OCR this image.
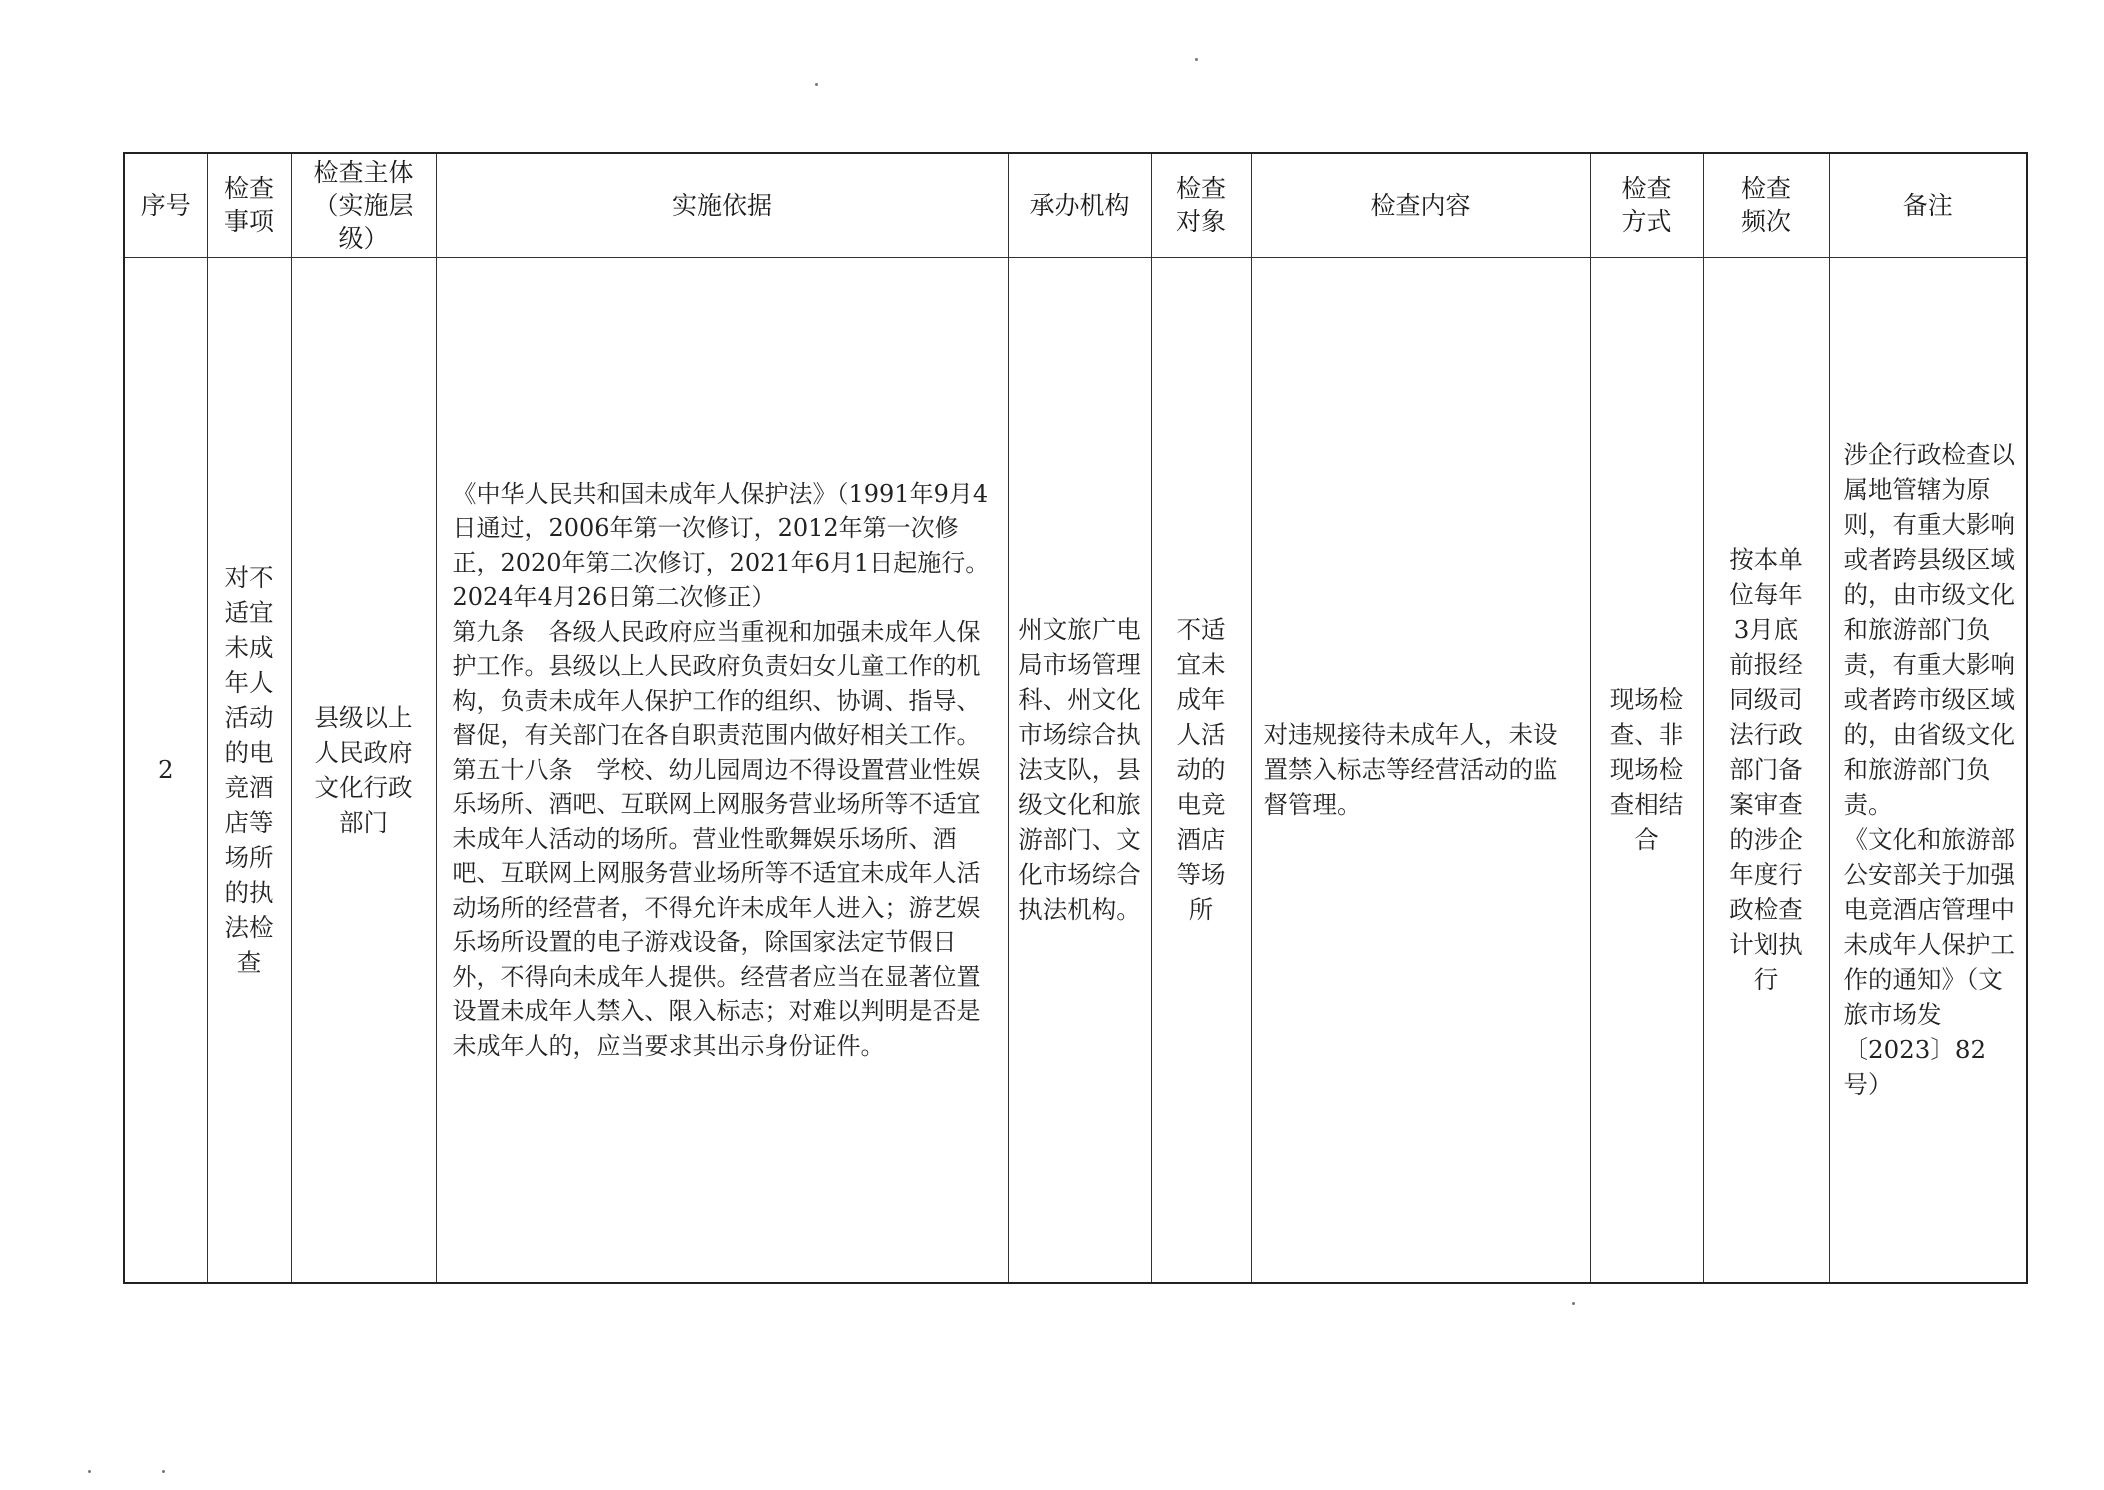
序号	检查事项	检查主体（实施层级）	实施依据	承办机构	检查对象	检查内容	检查方式	检查频次	备注
2	对不适宜未成年人活动的电竞酒店等场所的执法检查	县级以上人民政府文化行政部门	《中华人民共和国未成年人保护法》（1991年9月4日通过，2006年第一次修订，2012年第一次修正，2020年第二次修订，2021年6月1日起施行。2024年4月26日第二次修正）
第九条　各级人民政府应当重视和加强未成年人保护工作。县级以上人民政府负责妇女儿童工作的机构，负责未成年人保护工作的组织、协调、指导、督促，有关部门在各自职责范围内做好相关工作。
第五十八条　学校、幼儿园周边不得设置营业性娱乐场所、酒吧、互联网上网服务营业场所等不适宜未成年人活动的场所。营业性歌舞娱乐场所、酒吧、互联网上网服务营业场所等不适宜未成年人活动场所的经营者，不得允许未成年人进入；游艺娱乐场所设置的电子游戏设备，除国家法定节假日外，不得向未成年人提供。经营者应当在显著位置设置未成年人禁入、限入标志；对难以判明是否是未成年人的，应当要求其出示身份证件。	州文旅广电局市场管理科、州文化市场综合执法支队，县级文化和旅游部门、文化市场综合执法机构。	不适宜未成年人活动的电竞酒店等场所	对违规接待未成年人，未设置禁入标志等经营活动的监督管理。	现场检查、非现场检查相结合	按本单位每年3月底前报经同级司法行政部门备案审查的涉企年度行政检查计划执行	涉企行政检查以属地管辖为原则，有重大影响或者跨县级区域的，由市级文化和旅游部门负责，有重大影响或者跨市级区域的，由省级文化和旅游部门负责。
《文化和旅游部 公安部关于加强电竞酒店管理中未成年人保护工作的通知》（文旅市场发〔2023〕82号）
